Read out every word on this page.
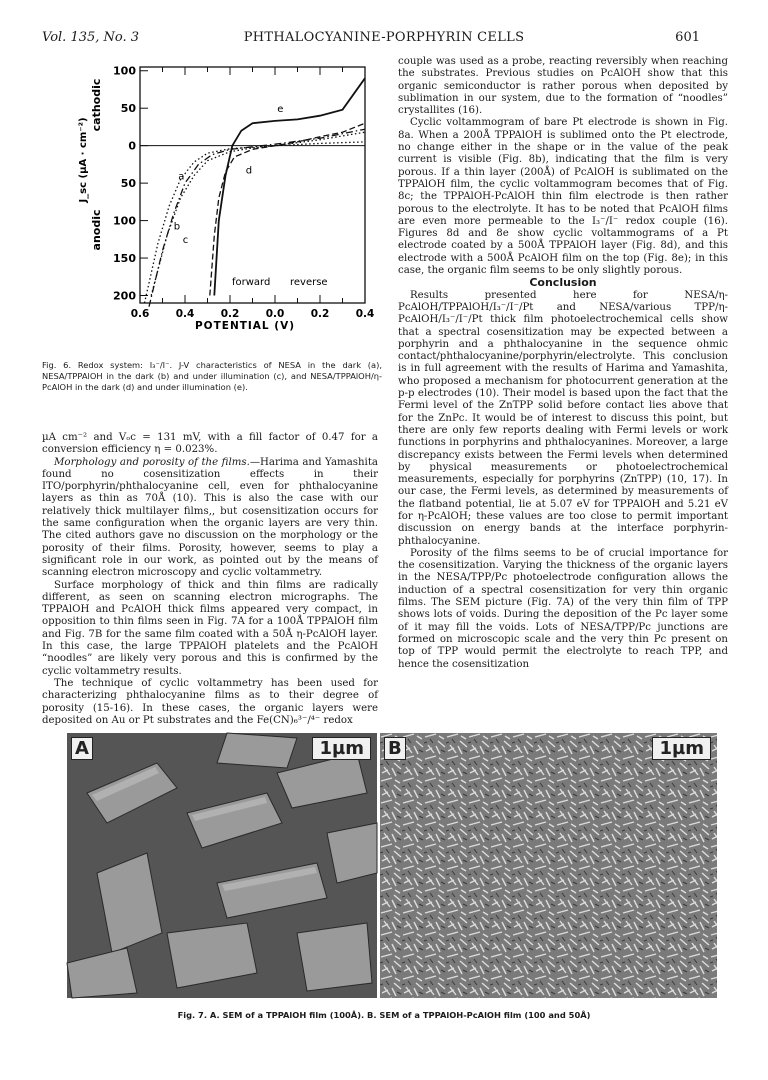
Vol. 135, No. 3	PHTHALOCYANINE-PORPHYRIN CELLS	601
cathodic
anodic
J_sc (µA · cm⁻²)
0.6	0.4	0.2	0.0	0.2	0.4
100
50
0
50
100
150
200
a
b
c
d
e
forward reverse
POTENTIAL (V)
Fig. 6. Redox system: I₃⁻/I⁻. J-V characteristics of NESA in the dark (a), NESA/TPPAlOH in the dark (b) and under illumination (c), and NESA/TPPAlOH/η-PcAlOH in the dark (d) and under illumination (e).

µA cm⁻² and Vₒc = 131 mV, with a fill factor of 0.47 for a conversion efficiency η = 0.023%.

Morphology and porosity of the films.—Harima and Yamashita found no cosensitization effects in their ITO/porphyrin/phthalocyanine cell, even for phthalocyanine layers as thin as 70Å (10). This is also the case with our relatively thick multilayer films,, but cosensitization occurs for the same configuration when the organic layers are very thin. The cited authors gave no discussion on the morphology or the porosity of their films. Porosity, however, seems to play a significant role in our work, as pointed out by the means of scanning electron microscopy and cyclic voltammetry.

Surface morphology of thick and thin films are radically different, as seen on scanning electron micrographs. The TPPAlOH and PcAlOH thick films appeared very compact, in opposition to thin films seen in Fig. 7A for a 100Å TPPAlOH film and Fig. 7B for the same film coated with a 50Å η-PcAlOH layer. In this case, the large TPPAlOH platelets and the PcAlOH “noodles” are likely very porous and this is confirmed by the cyclic voltammetry results.

The technique of cyclic voltammetry has been used for characterizing phthalocyanine films as to their degree of porosity (15-16). In these cases, the organic layers were deposited on Au or Pt substrates and the Fe(CN)₆³⁻/⁴⁻ redox

couple was used as a probe, reacting reversibly when reaching the substrates. Previous studies on PcAlOH show that this organic semiconductor is rather porous when deposited by sublimation in our system, due to the formation of “noodles” crystallites (16).

Cyclic voltammogram of bare Pt electrode is shown in Fig. 8a. When a 200Å TPPAlOH is sublimed onto the Pt electrode, no change either in the shape or in the value of the peak current is visible (Fig. 8b), indicating that the film is very porous. If a thin layer (200Å) of PcAlOH is sublimated on the TPPAlOH film, the cyclic voltammogram becomes that of Fig. 8c; the TPPAlOH-PcAlOH thin film electrode is then rather porous to the electrolyte. It has to be noted that PcAlOH films are even more permeable to the I₃⁻/I⁻ redox couple (16). Figures 8d and 8e show cyclic voltammograms of a Pt electrode coated by a 500Å TPPAlOH layer (Fig. 8d), and this electrode with a 500Å PcAlOH film on the top (Fig. 8e); in this case, the organic film seems to be only slightly porous.

Conclusion

Results presented here for NESA/η-PcAlOH/TPPAlOH/I₃⁻/I⁻/Pt and NESA/various TPP/η-PcAlOH/I₃⁻/I⁻/Pt thick film photoelectrochemical cells show that a spectral cosensitization may be expected between a porphyrin and a phthalocyanine in the sequence ohmic contact/phthalocyanine/porphyrin/electrolyte. This conclusion is in full agreement with the results of Harima and Yamashita, who proposed a mechanism for photocurrent generation at the p-p electrodes (10). Their model is based upon the fact that the Fermi level of the ZnTPP solid before contact lies above that for the ZnPc. It would be of interest to discuss this point, but there are only few reports dealing with Fermi levels or work functions in porphyrins and phthalocyanines. Moreover, a large discrepancy exists between the Fermi levels when determined by physical measurements or photoelectrochemical measurements, especially for porphyrins (ZnTPP) (10, 17). In our case, the Fermi levels, as determined by measurements of the flatband potential, lie at 5.07 eV for TPPAlOH and 5.21 eV for η-PcAlOH; these values are too close to permit important discussion on energy bands at the interface porphyrin-phthalocyanine.

Porosity of the films seems to be of crucial importance for the cosensitization. Varying the thickness of the organic layers in the NESA/TPP/Pc photoelectrode configuration allows the induction of a spectral cosensitization for very thin organic films. The SEM picture (Fig. 7A) of the very thin film of TPP shows lots of voids. During the deposition of the Pc layer some of it may fill the voids. Lots of NESA/TPP/Pc junctions are formed on microscopic scale and the very thin Pc present on top of TPP would permit the electrolyte to reach TPP, and hence the cosensitization

A	1µm	B	1µm
Fig. 7. A. SEM of a TPPAlOH film (100Å). B. SEM of a TPPAlOH-PcAlOH film (100 and 50Å)
